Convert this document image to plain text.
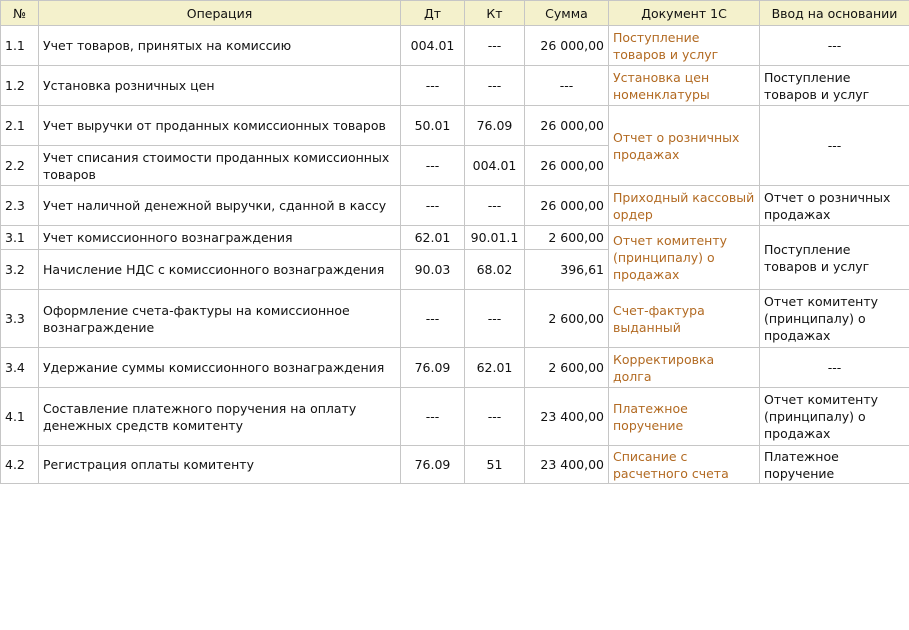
№	Операция	Дт	Кт	Сумма	Документ 1С	Ввод на основании
1.1	Учет товаров, принятых на комиссию	004.01	---	26 000,00	Поступление товаров и услуг	---
1.2	Установка розничных цен	---	---	---	Установка цен номенклатуры	Поступление товаров и услуг
2.1	Учет выручки от проданных комиссионных товаров	50.01	76.09	26 000,00	Отчет о розничных продажах	---
2.2	Учет списания стоимости проданных комиссионных товаров	---	004.01	26 000,00		
2.3	Учет наличной денежной выручки, сданной в кассу	---	---	26 000,00	Приходный кассовый ордер	Отчет о розничных продажах
3.1	Учет комиссионного вознаграждения	62.01	90.01.1	2 600,00	Отчет комитенту (принципалу) о продажах	Поступление товаров и услуг
3.2	Начисление НДС с комиссионного вознаграждения	90.03	68.02	396,61		
3.3	Оформление счета-фактуры на комиссионное вознаграждение	---	---	2 600,00	Счет-фактура выданный	Отчет комитенту (принципалу) о продажах
3.4	Удержание суммы комиссионного вознаграждения	76.09	62.01	2 600,00	Корректировка долга	---
4.1	Составление платежного поручения на оплату денежных средств комитенту	---	---	23 400,00	Платежное поручение	Отчет комитенту (принципалу) о продажах
4.2	Регистрация оплаты комитенту	76.09	51	23 400,00	Списание с расчетного счета	Платежное поручение
